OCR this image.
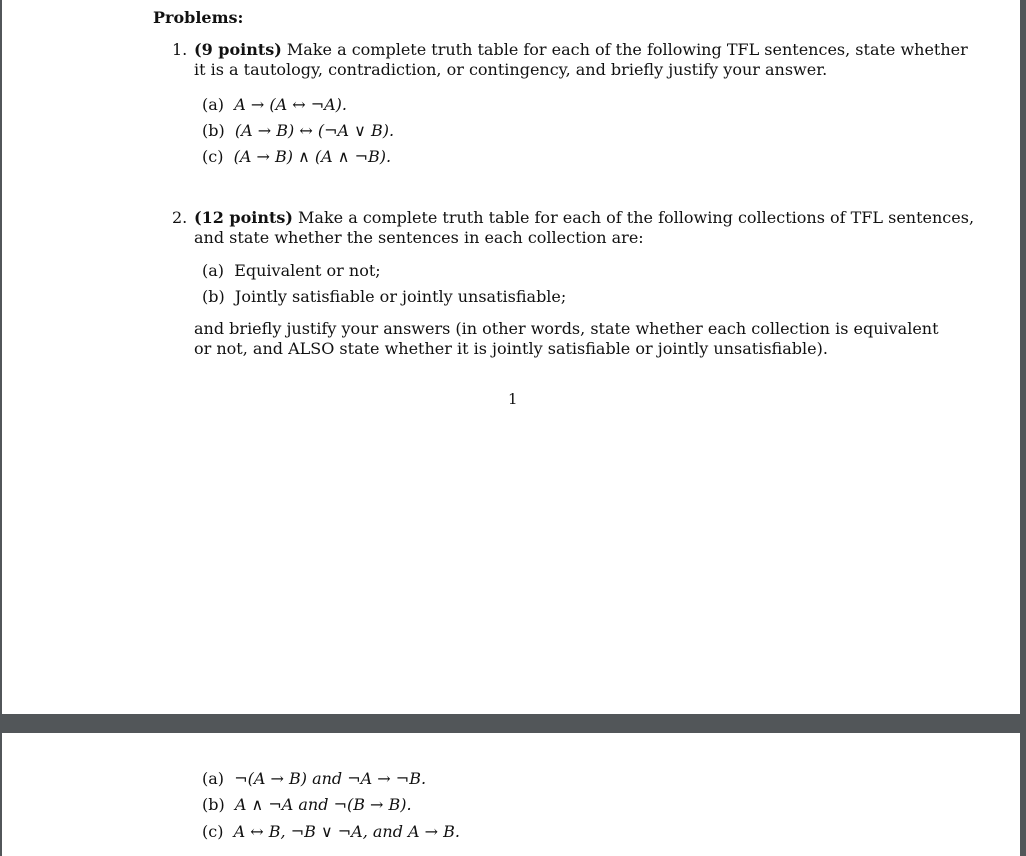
Problems:
1. (9 points) Make a complete truth table for each of the following TFL sentences, state whether
it is a tautology, contradiction, or contingency, and briefly justify your answer.
(a) A → (A ↔ ¬A).
(b) (A → B) ↔ (¬A ∨ B).
(c) (A → B) ∧ (A ∧ ¬B).
2. (12 points) Make a complete truth table for each of the following collections of TFL sentences,
and state whether the sentences in each collection are:
(a) Equivalent or not;
(b) Jointly satisfiable or jointly unsatisfiable;
and briefly justify your answers (in other words, state whether each collection is equivalent
or not, and ALSO state whether it is jointly satisfiable or jointly unsatisfiable).
1
(a) ¬(A → B) and ¬A → ¬B.
(b) A ∧ ¬A and ¬(B → B).
(c) A ↔ B, ¬B ∨ ¬A, and A → B.
